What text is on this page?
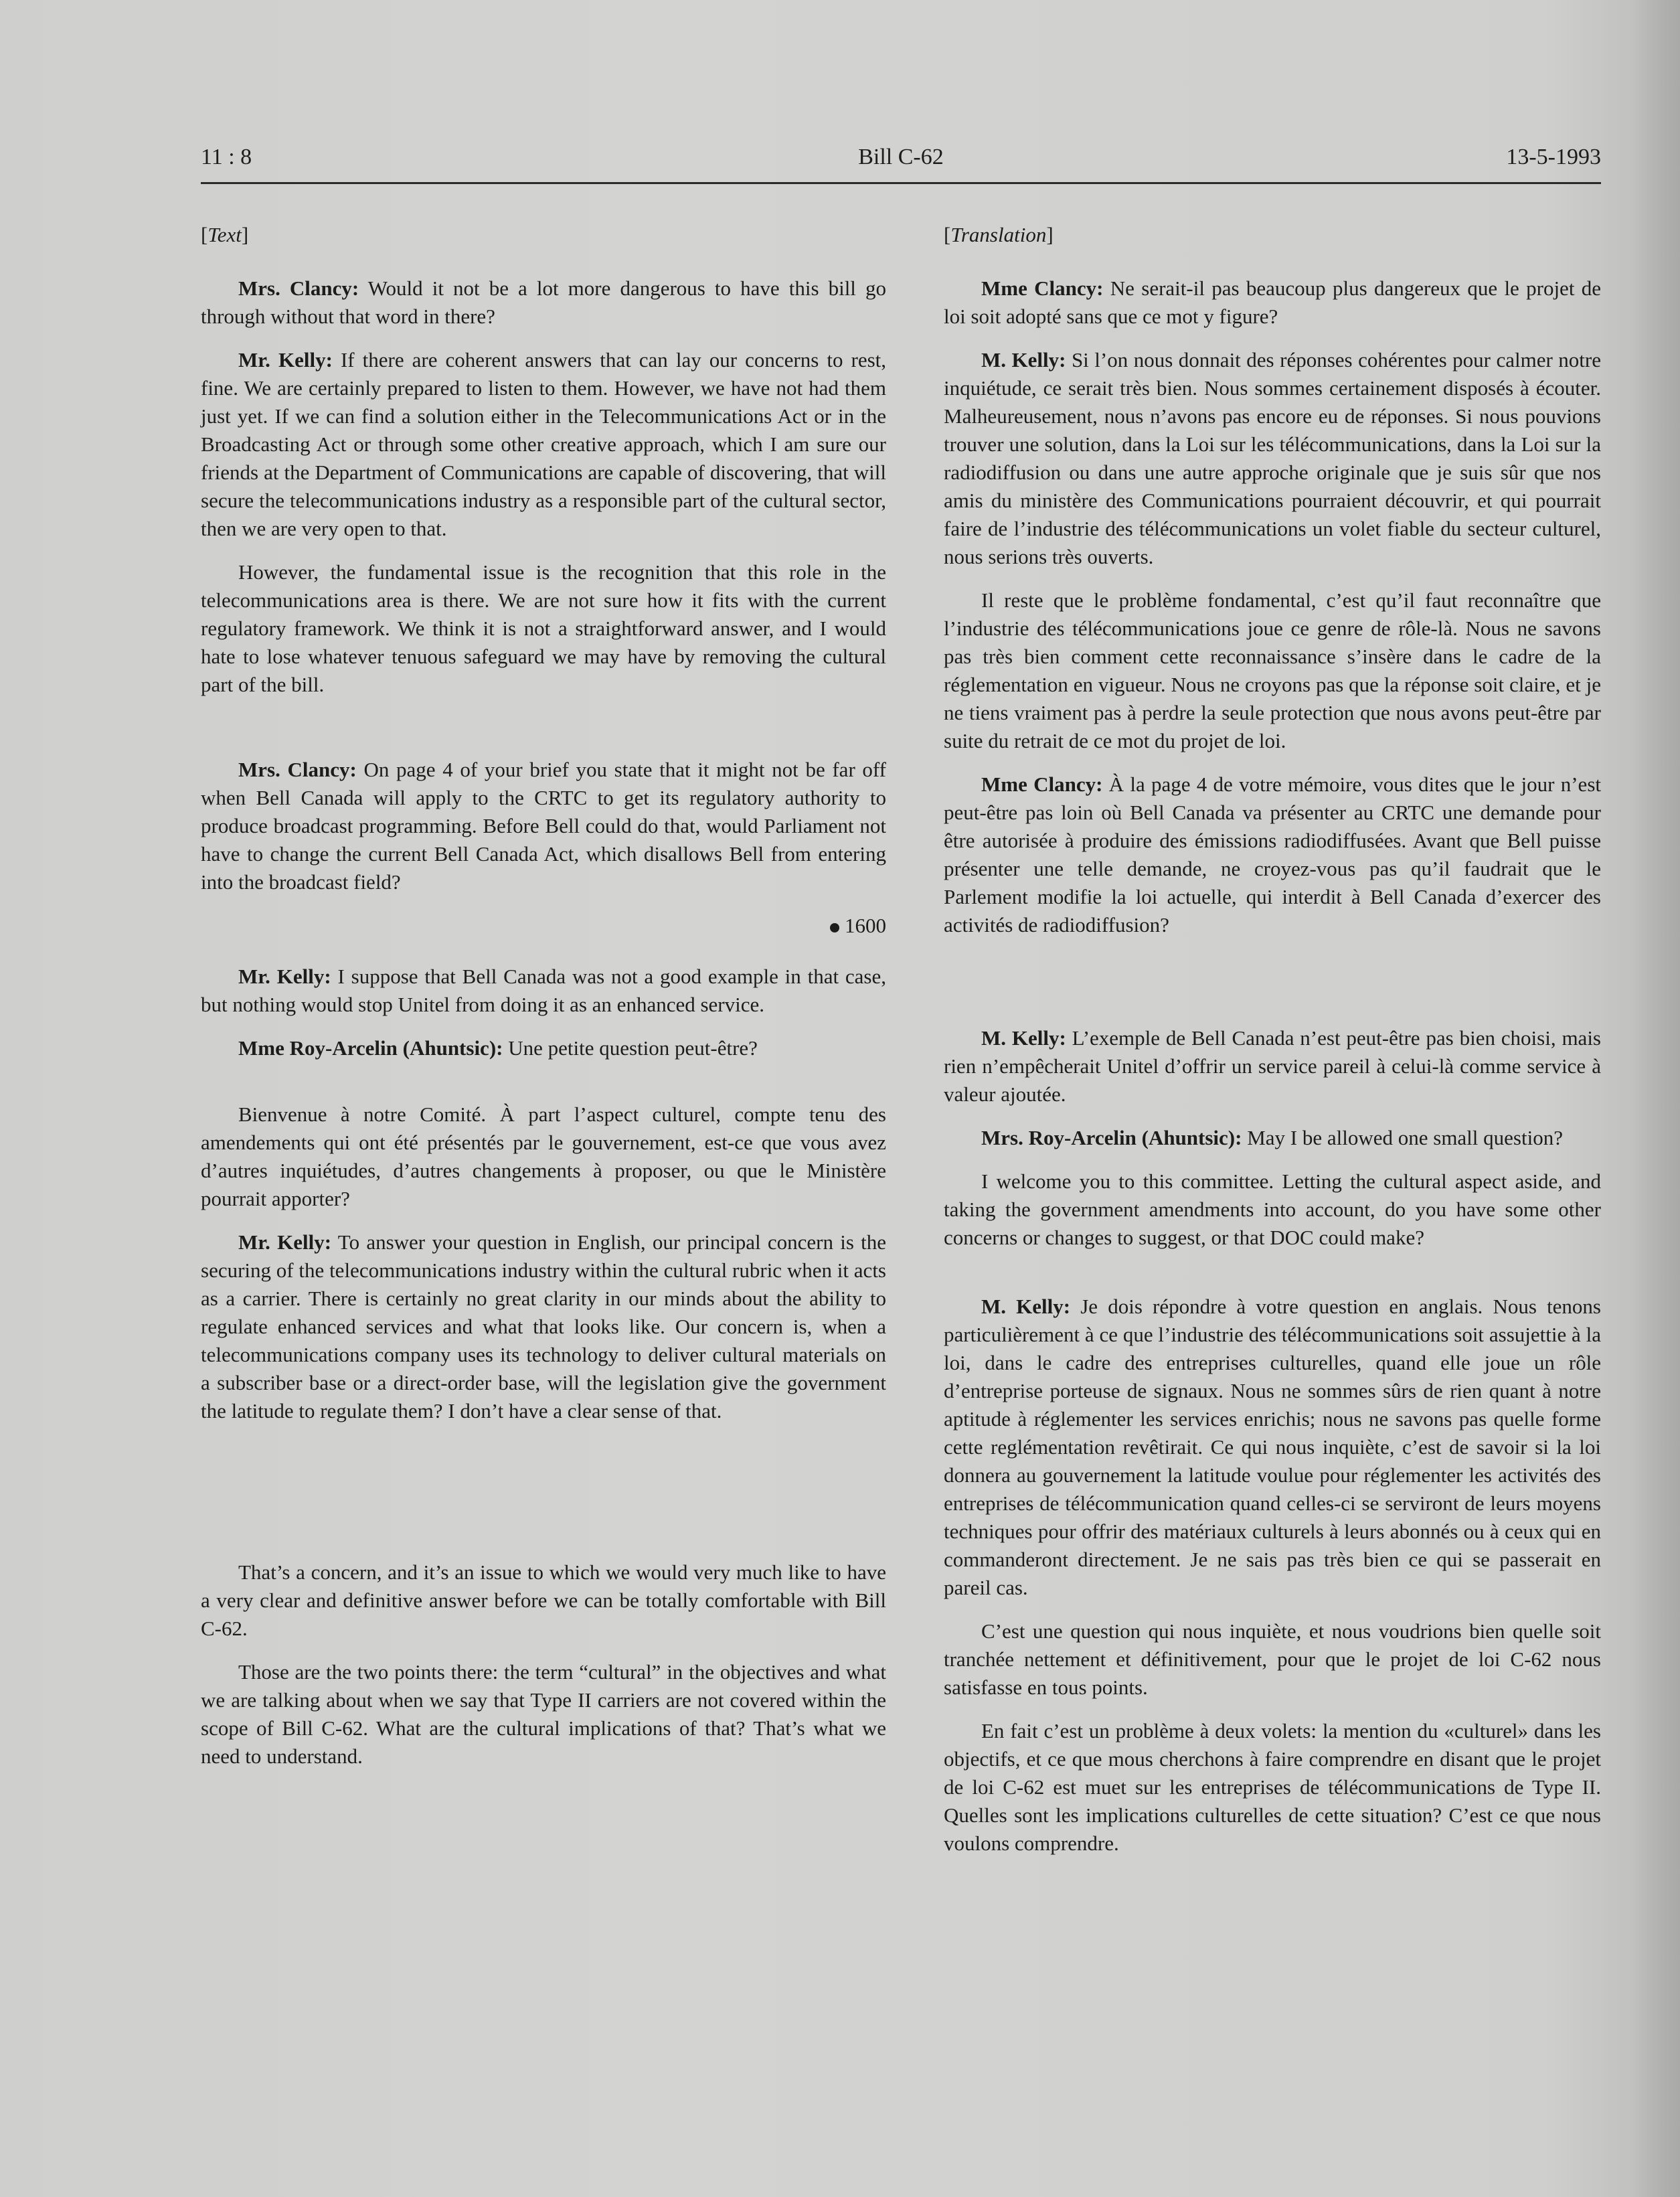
11 : 8	Bill C-62	13-5-1993

[Text]

Mrs. Clancy: Would it not be a lot more dangerous to have this bill go through without that word in there?

Mr. Kelly: If there are coherent answers that can lay our concerns to rest, fine. We are certainly prepared to listen to them. However, we have not had them just yet. If we can find a solution either in the Telecommunications Act or in the Broadcasting Act or through some other creative approach, which I am sure our friends at the Department of Communications are capable of discovering, that will secure the telecommunications industry as a responsible part of the cultural sector, then we are very open to that.

However, the fundamental issue is the recognition that this role in the telecommunications area is there. We are not sure how it fits with the current regulatory framework. We think it is not a straightforward answer, and I would hate to lose whatever tenuous safeguard we may have by removing the cultural part of the bill.

Mrs. Clancy: On page 4 of your brief you state that it might not be far off when Bell Canada will apply to the CRTC to get its regulatory authority to produce broadcast programming. Before Bell could do that, would Parliament not have to change the current Bell Canada Act, which disallows Bell from entering into the broadcast field?

1600

Mr. Kelly: I suppose that Bell Canada was not a good example in that case, but nothing would stop Unitel from doing it as an enhanced service.

Mme Roy-Arcelin (Ahuntsic): Une petite question peut-être?

Bienvenue à notre Comité. À part l’aspect culturel, compte tenu des amendements qui ont été présentés par le gouvernement, est-ce que vous avez d’autres inquiétudes, d’autres changements à proposer, ou que le Ministère pourrait apporter?

Mr. Kelly: To answer your question in English, our principal concern is the securing of the telecommunications industry within the cultural rubric when it acts as a carrier. There is certainly no great clarity in our minds about the ability to regulate enhanced services and what that looks like. Our concern is, when a telecommunications company uses its technology to deliver cultural materials on a subscriber base or a direct-order base, will the legislation give the government the latitude to regulate them? I don’t have a clear sense of that.

That’s a concern, and it’s an issue to which we would very much like to have a very clear and definitive answer before we can be totally comfortable with Bill C-62.

Those are the two points there: the term “cultural” in the objectives and what we are talking about when we say that Type II carriers are not covered within the scope of Bill C-62. What are the cultural implications of that? That’s what we need to understand.

[Translation]

Mme Clancy: Ne serait-il pas beaucoup plus dangereux que le projet de loi soit adopté sans que ce mot y figure?

M. Kelly: Si l’on nous donnait des réponses cohérentes pour calmer notre inquiétude, ce serait très bien. Nous sommes certainement disposés à écouter. Malheureusement, nous n’avons pas encore eu de réponses. Si nous pouvions trouver une solution, dans la Loi sur les télécommunications, dans la Loi sur la radiodiffusion ou dans une autre approche originale que je suis sûr que nos amis du ministère des Communications pourraient découvrir, et qui pourrait faire de l’industrie des télécommunications un volet fiable du secteur culturel, nous serions très ouverts.

Il reste que le problème fondamental, c’est qu’il faut reconnaître que l’industrie des télécommunications joue ce genre de rôle-là. Nous ne savons pas très bien comment cette reconnaissance s’insère dans le cadre de la réglementation en vigueur. Nous ne croyons pas que la réponse soit claire, et je ne tiens vraiment pas à perdre la seule protection que nous avons peut-être par suite du retrait de ce mot du projet de loi.

Mme Clancy: À la page 4 de votre mémoire, vous dites que le jour n’est peut-être pas loin où Bell Canada va présenter au CRTC une demande pour être autorisée à produire des émissions radiodiffusées. Avant que Bell puisse présenter une telle demande, ne croyez-vous pas qu’il faudrait que le Parlement modifie la loi actuelle, qui interdit à Bell Canada d’exercer des activités de radiodiffusion?

M. Kelly: L’exemple de Bell Canada n’est peut-être pas bien choisi, mais rien n’empêcherait Unitel d’offrir un service pareil à celui-là comme service à valeur ajoutée.

Mrs. Roy-Arcelin (Ahuntsic): May I be allowed one small question?

I welcome you to this committee. Letting the cultural aspect aside, and taking the government amendments into account, do you have some other concerns or changes to suggest, or that DOC could make?

M. Kelly: Je dois répondre à votre question en anglais. Nous tenons particulièrement à ce que l’industrie des télécommunications soit assujettie à la loi, dans le cadre des entreprises culturelles, quand elle joue un rôle d’entreprise porteuse de signaux. Nous ne sommes sûrs de rien quant à notre aptitude à réglementer les services enrichis; nous ne savons pas quelle forme cette reglémentation revêtirait. Ce qui nous inquiète, c’est de savoir si la loi donnera au gouvernement la latitude voulue pour réglementer les activités des entreprises de télécommunication quand celles-ci se serviront de leurs moyens techniques pour offrir des matériaux culturels à leurs abonnés ou à ceux qui en commanderont directement. Je ne sais pas très bien ce qui se passerait en pareil cas.

C’est une question qui nous inquiète, et nous voudrions bien quelle soit tranchée nettement et définitivement, pour que le projet de loi C-62 nous satisfasse en tous points.

En fait c’est un problème à deux volets: la mention du «culturel» dans les objectifs, et ce que mous cherchons à faire comprendre en disant que le projet de loi C-62 est muet sur les entreprises de télécommunications de Type II. Quelles sont les implications culturelles de cette situation? C’est ce que nous voulons comprendre.
